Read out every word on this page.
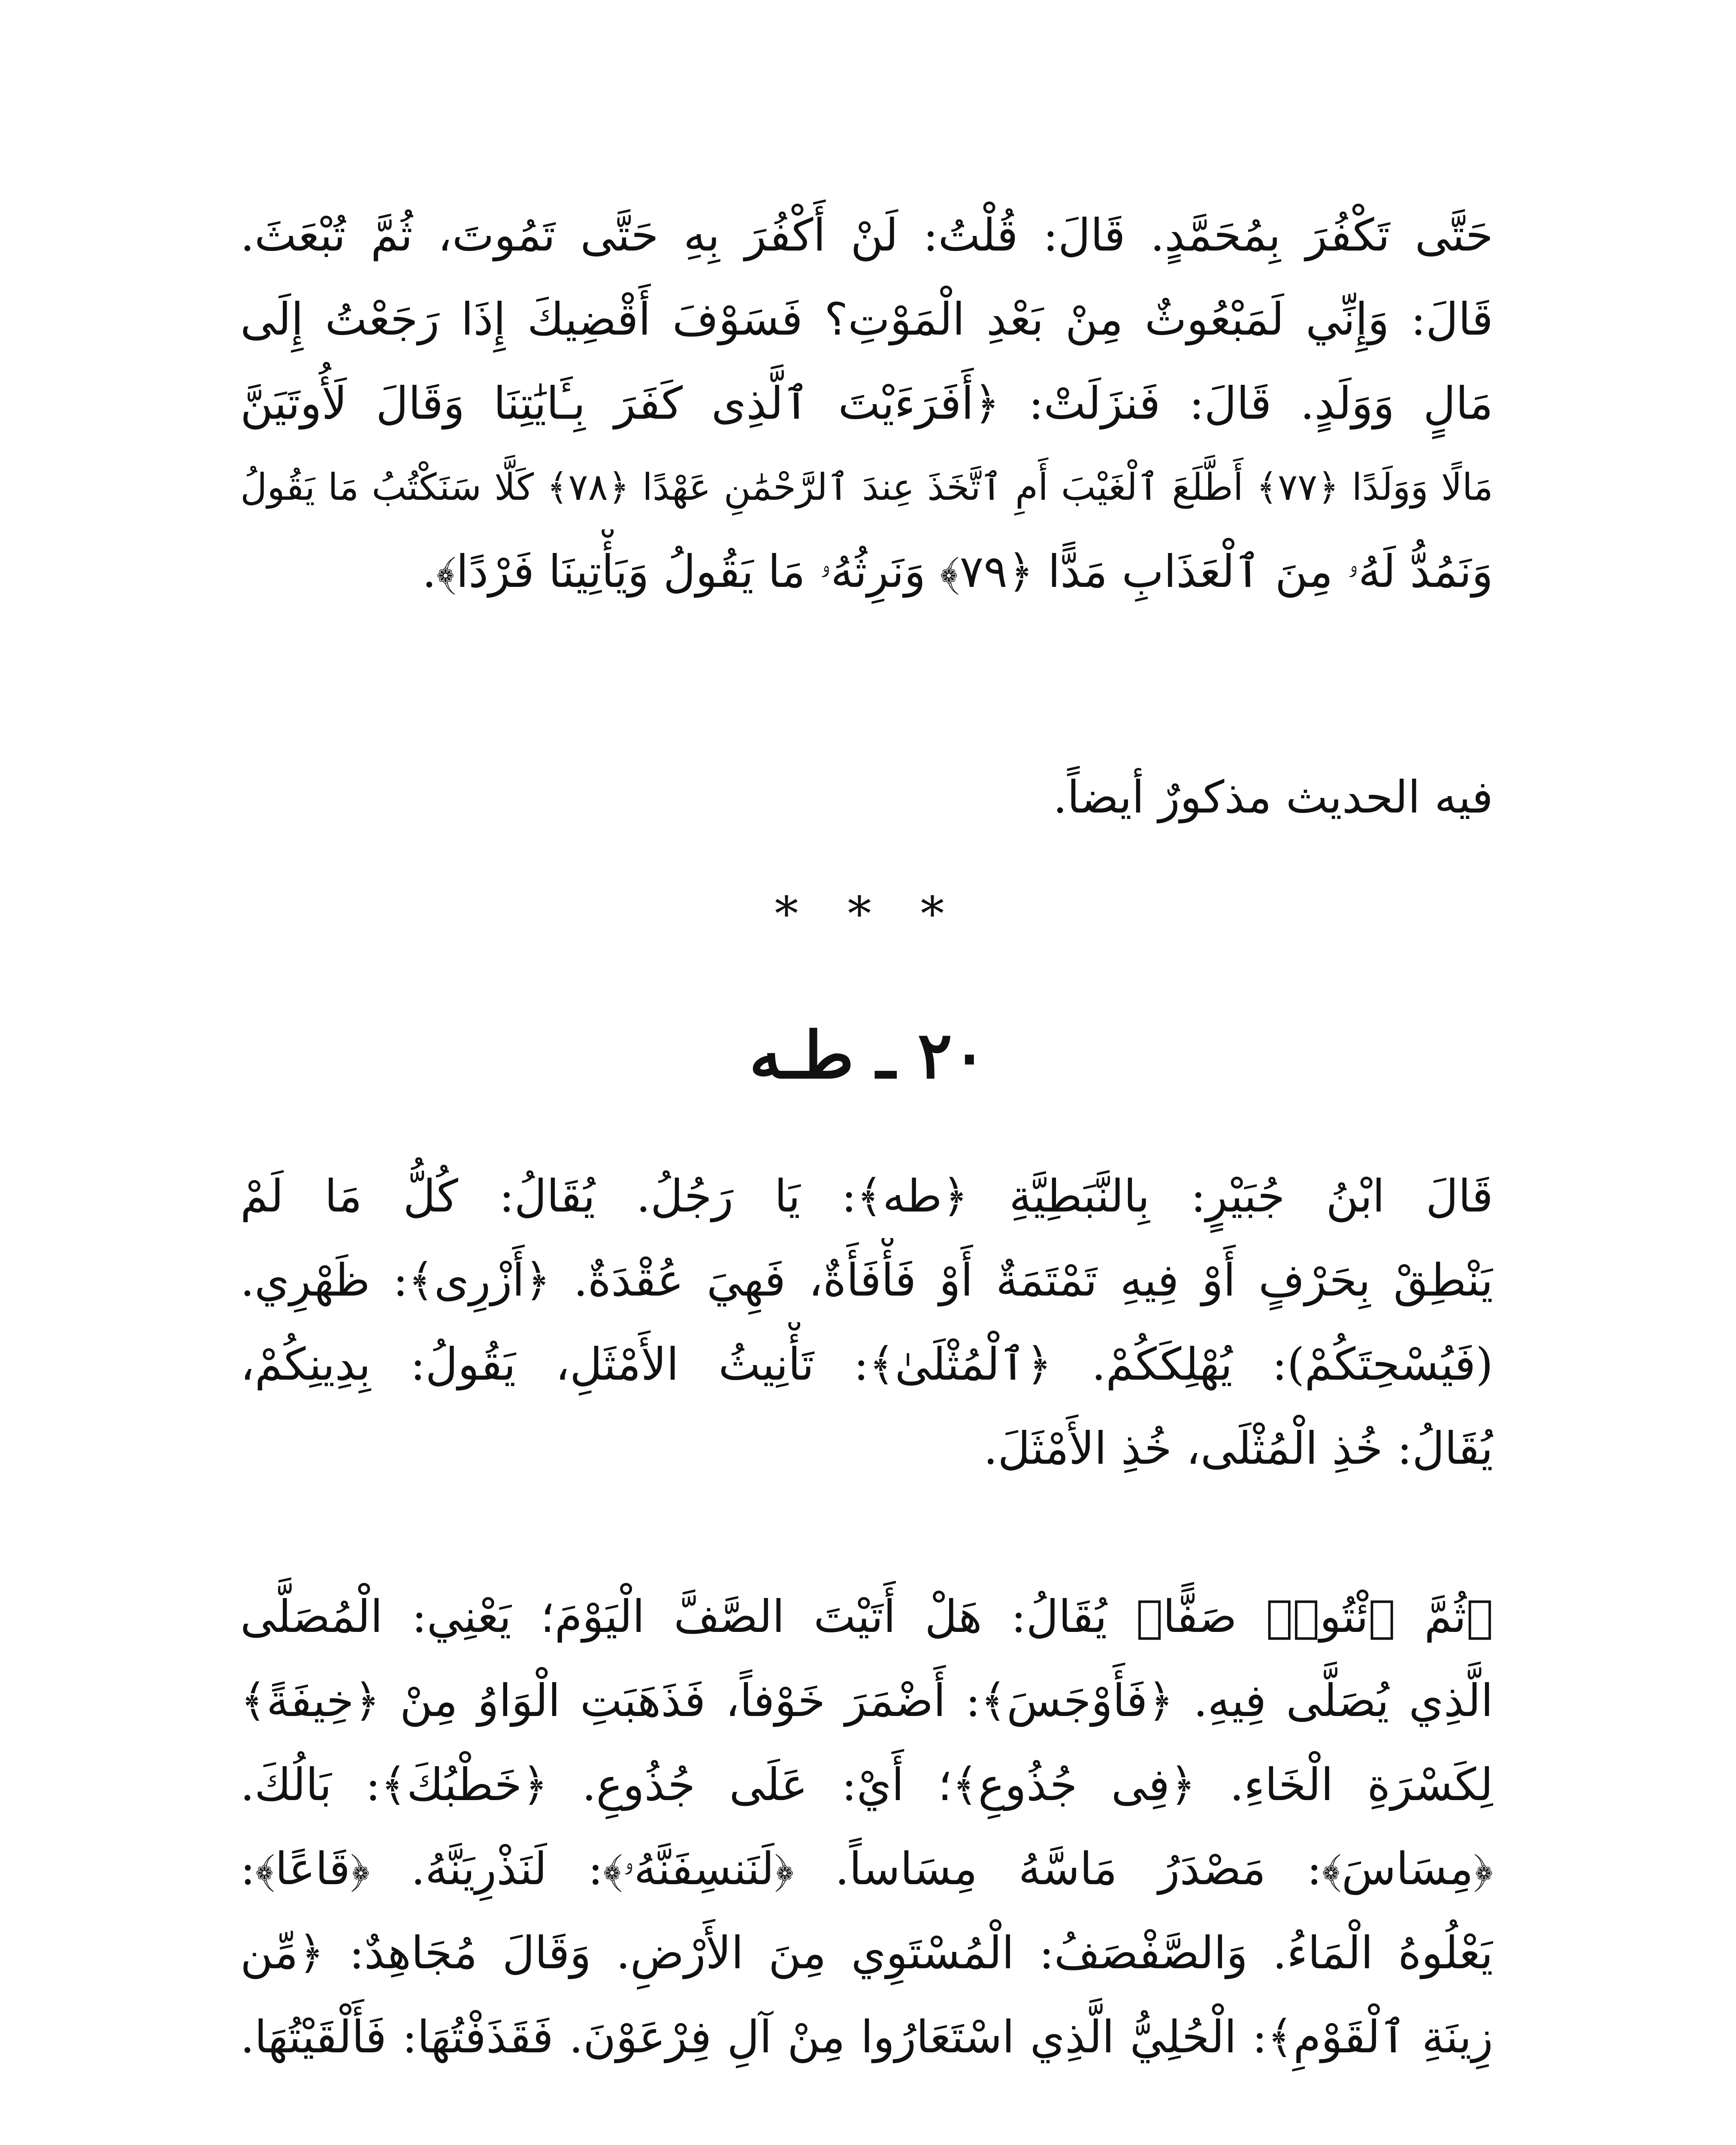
حَتَّى تَكْفُرَ بِمُحَمَّدٍ. قَالَ: قُلْتُ: لَنْ أَكْفُرَ بِهِ حَتَّى تَمُوتَ، ثُمَّ تُبْعَثَ.
قَالَ: وَإِنِّي لَمَبْعُوثٌ مِنْ بَعْدِ الْمَوْتِ؟ فَسَوْفَ أَقْضِيكَ إِذَا رَجَعْتُ إِلَى
مَالٍ وَوَلَدٍ. قَالَ: فَنزَلَتْ: ﴿أَفَرَءَيْتَ ٱلَّذِى كَفَرَ بِـَٔايَٰتِنَا وَقَالَ لَأُوتَيَنَّ
مَالًا وَوَلَدًا ﴿٧٧﴾ أَطَّلَعَ ٱلْغَيْبَ أَمِ ٱتَّخَذَ عِندَ ٱلرَّحْمَٰنِ عَهْدًا ﴿٧٨﴾ كَلَّا سَنَكْتُبُ مَا يَقُولُ
وَنَمُدُّ لَهُۥ مِنَ ٱلْعَذَابِ مَدًّا ﴿٧٩﴾ وَنَرِثُهُۥ مَا يَقُولُ وَيَأْتِينَا فَرْدًا﴾.
فيه الحديث مذكورٌ أيضاً.
* * *
٢٠ ـ طـه
قَالَ ابْنُ جُبَيْرٍ: بِالنَّبَطِيَّةِ ﴿طه﴾: يَا رَجُلُ. يُقَالُ: كُلُّ مَا لَمْ
يَنْطِقْ بِحَرْفٍ أَوْ فِيهِ تَمْتَمَةٌ أَوْ فَأْفَأَةٌ، فَهِيَ عُقْدَةٌ. ﴿أَزْرِى﴾: ظَهْرِي.
(فَيُسْحِتَكُمْ): يُهْلِكَكُمْ. ﴿ٱلْمُثْلَىٰ﴾: تَأْنِيثُ الأَمْثَلِ، يَقُولُ: بِدِينِكُمْ،
يُقَالُ: خُذِ الْمُثْلَى، خُذِ الأَمْثَلَ.
﴿ثُمَّ ٱئْتُوا۟ صَفًّا﴾ يُقَالُ: هَلْ أَتَيْتَ الصَّفَّ الْيَوْمَ؛ يَعْنِي: الْمُصَلَّى
الَّذِي يُصَلَّى فِيهِ. ﴿فَأَوْجَسَ﴾: أَضْمَرَ خَوْفاً، فَذَهَبَتِ الْوَاوُ مِنْ ﴿خِيفَةً﴾
لِكَسْرَةِ الْخَاءِ. ﴿فِى جُذُوعِ﴾؛ أَيْ: عَلَى جُذُوعِ. ﴿خَطْبُكَ﴾: بَالُكَ.
﴿مِسَاسَ﴾: مَصْدَرُ مَاسَّهُ مِسَاساً. ﴿لَنَنسِفَنَّهُۥ﴾: لَنَذْرِيَنَّهُ. ﴿قَاعًا﴾:
يَعْلُوهُ الْمَاءُ. وَالصَّفْصَفُ: الْمُسْتَوِي مِنَ الأَرْضِ. وَقَالَ مُجَاهِدٌ: ﴿مِّن
زِينَةِ ٱلْقَوْمِ﴾: الْحُلِيُّ الَّذِي اسْتَعَارُوا مِنْ آلِ فِرْعَوْنَ. فَقَذَفْتُهَا: فَأَلْقَيْتُهَا.
